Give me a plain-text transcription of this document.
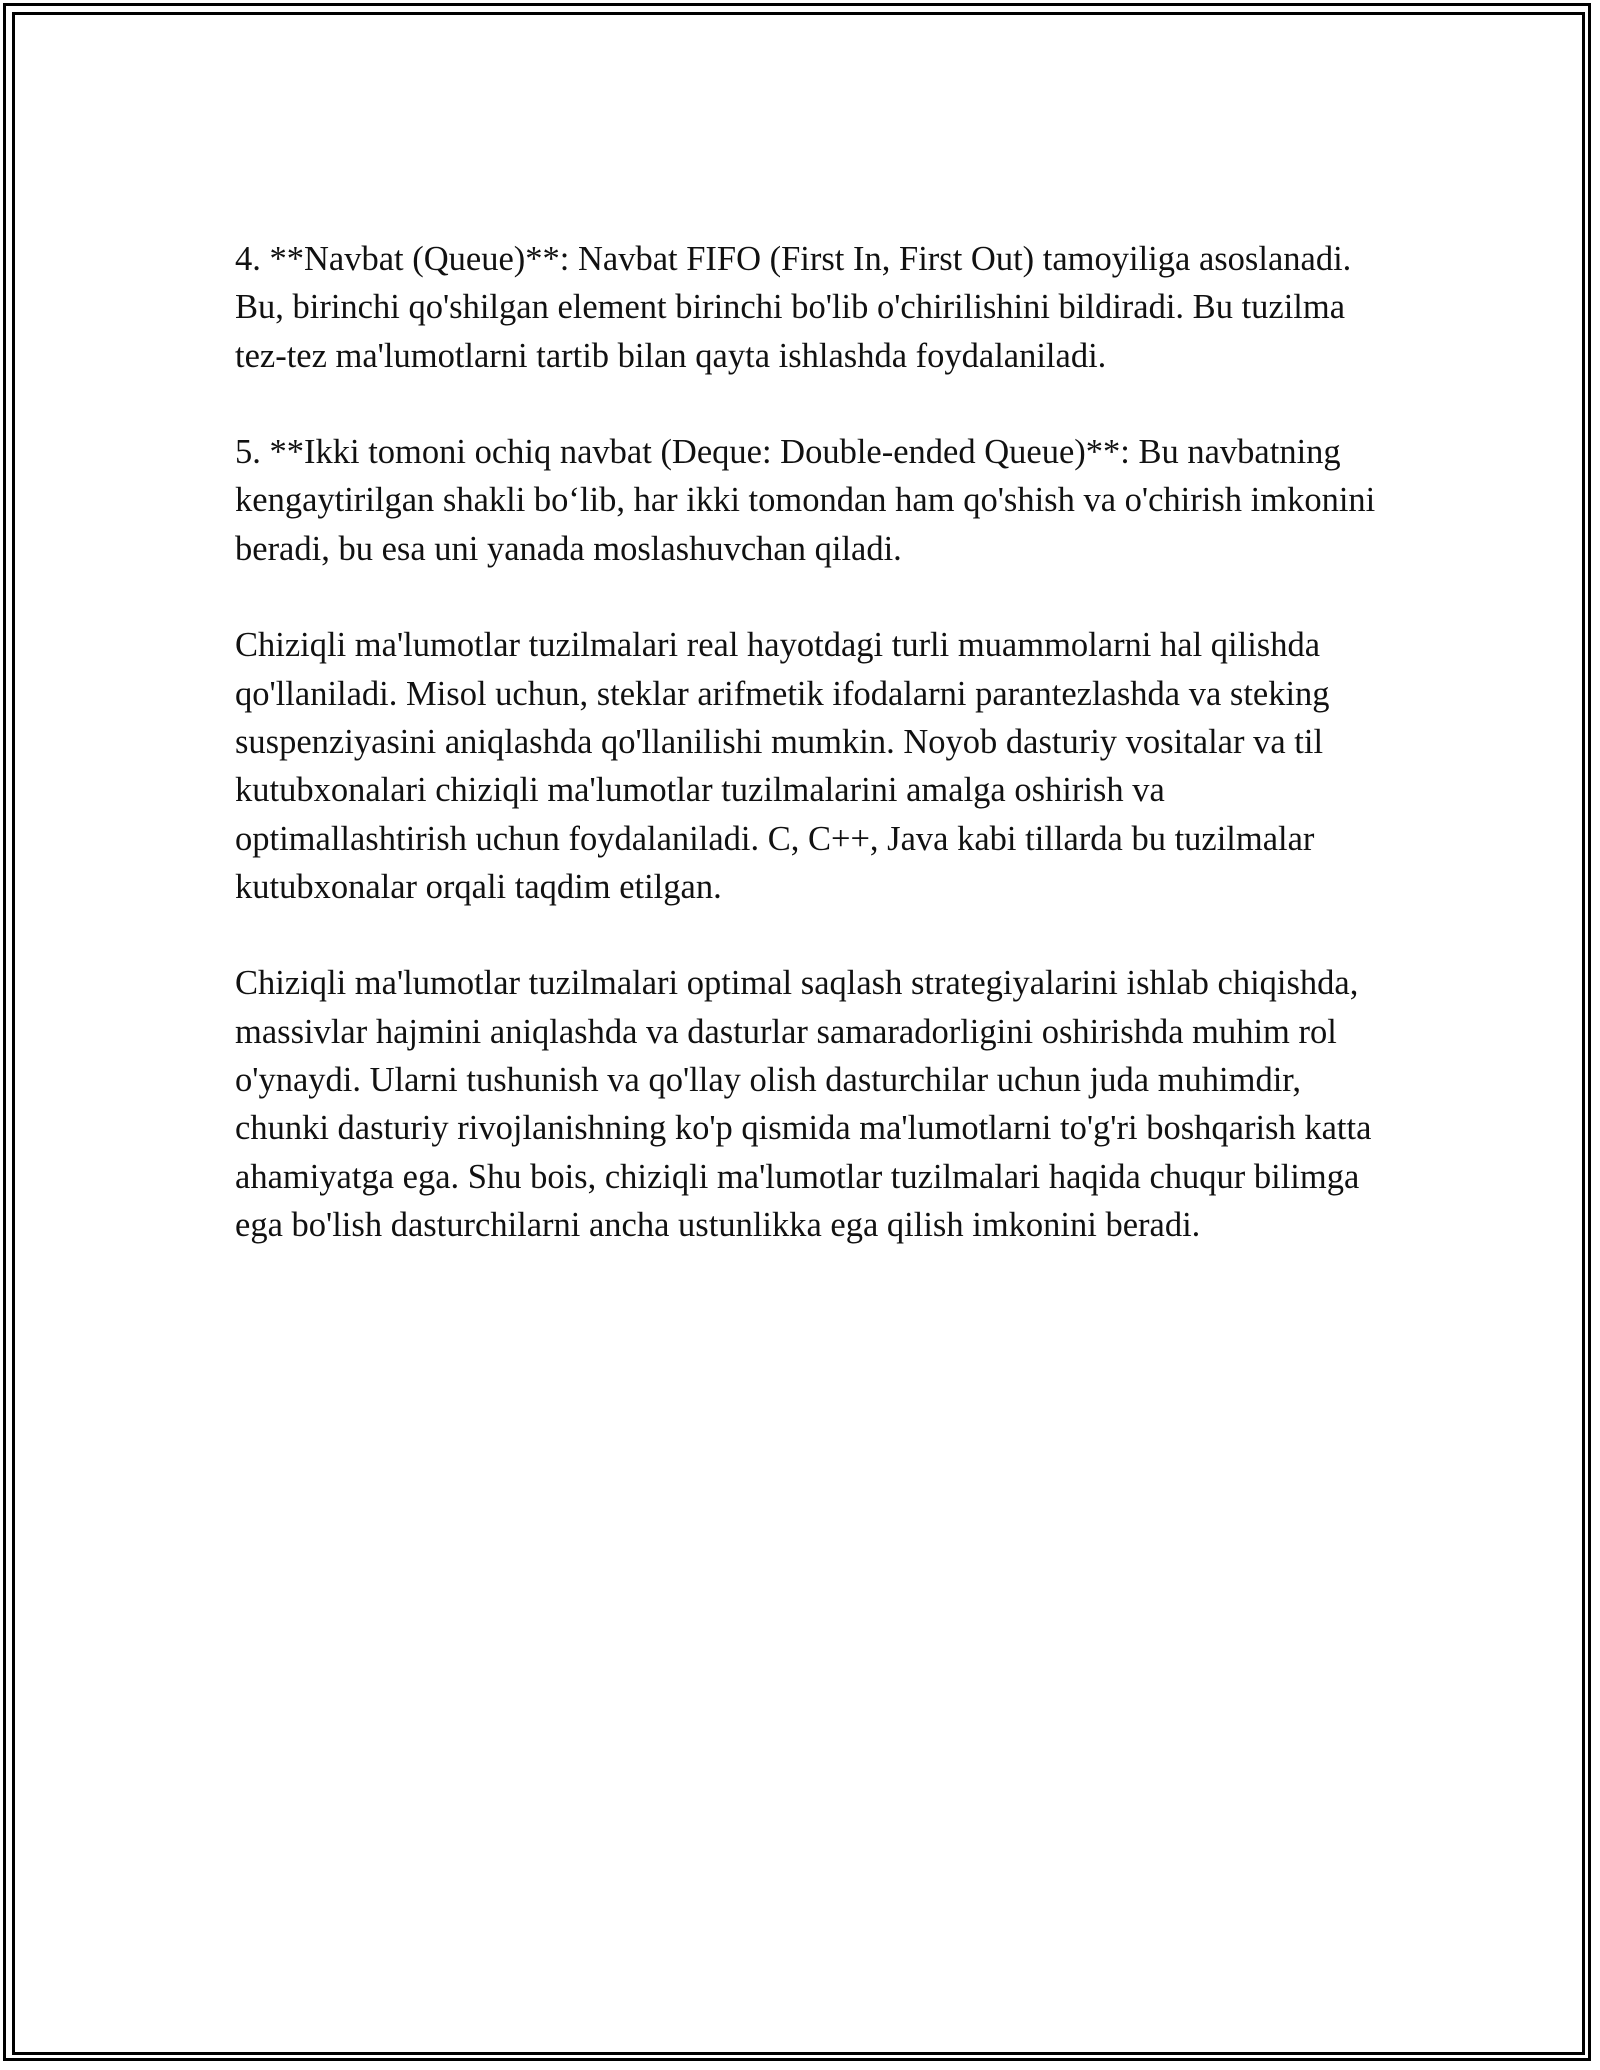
4. **Navbat (Queue)**: Navbat FIFO (First In, First Out) tamoyiliga asoslanadi. Bu, birinchi qo'shilgan element birinchi bo'lib o'chirilishini bildiradi. Bu tuzilma tez-tez ma'lumotlarni tartib bilan qayta ishlashda foydalaniladi.

5. **Ikki tomoni ochiq navbat (Deque: Double-ended Queue)**: Bu navbatning kengaytirilgan shakli bo‘lib, har ikki tomondan ham qo'shish va o'chirish imkonini beradi, bu esa uni yanada moslashuvchan qiladi.

Chiziqli ma'lumotlar tuzilmalari real hayotdagi turli muammolarni hal qilishda qo'llaniladi. Misol uchun, steklar arifmetik ifodalarni parantezlashda va steking suspenziyasini aniqlashda qo'llanilishi mumkin. Noyob dasturiy vositalar va til kutubxonalari chiziqli ma'lumotlar tuzilmalarini amalga oshirish va optimallashtirish uchun foydalaniladi. C, C++, Java kabi tillarda bu tuzilmalar kutubxonalar orqali taqdim etilgan.

Chiziqli ma'lumotlar tuzilmalari optimal saqlash strategiyalarini ishlab chiqishda, massivlar hajmini aniqlashda va dasturlar samaradorligini oshirishda muhim rol o'ynaydi. Ularni tushunish va qo'llay olish dasturchilar uchun juda muhimdir, chunki dasturiy rivojlanishning ko'p qismida ma'lumotlarni to'g'ri boshqarish katta ahamiyatga ega. Shu bois, chiziqli ma'lumotlar tuzilmalari haqida chuqur bilimga ega bo'lish dasturchilarni ancha ustunlikka ega qilish imkonini beradi.
